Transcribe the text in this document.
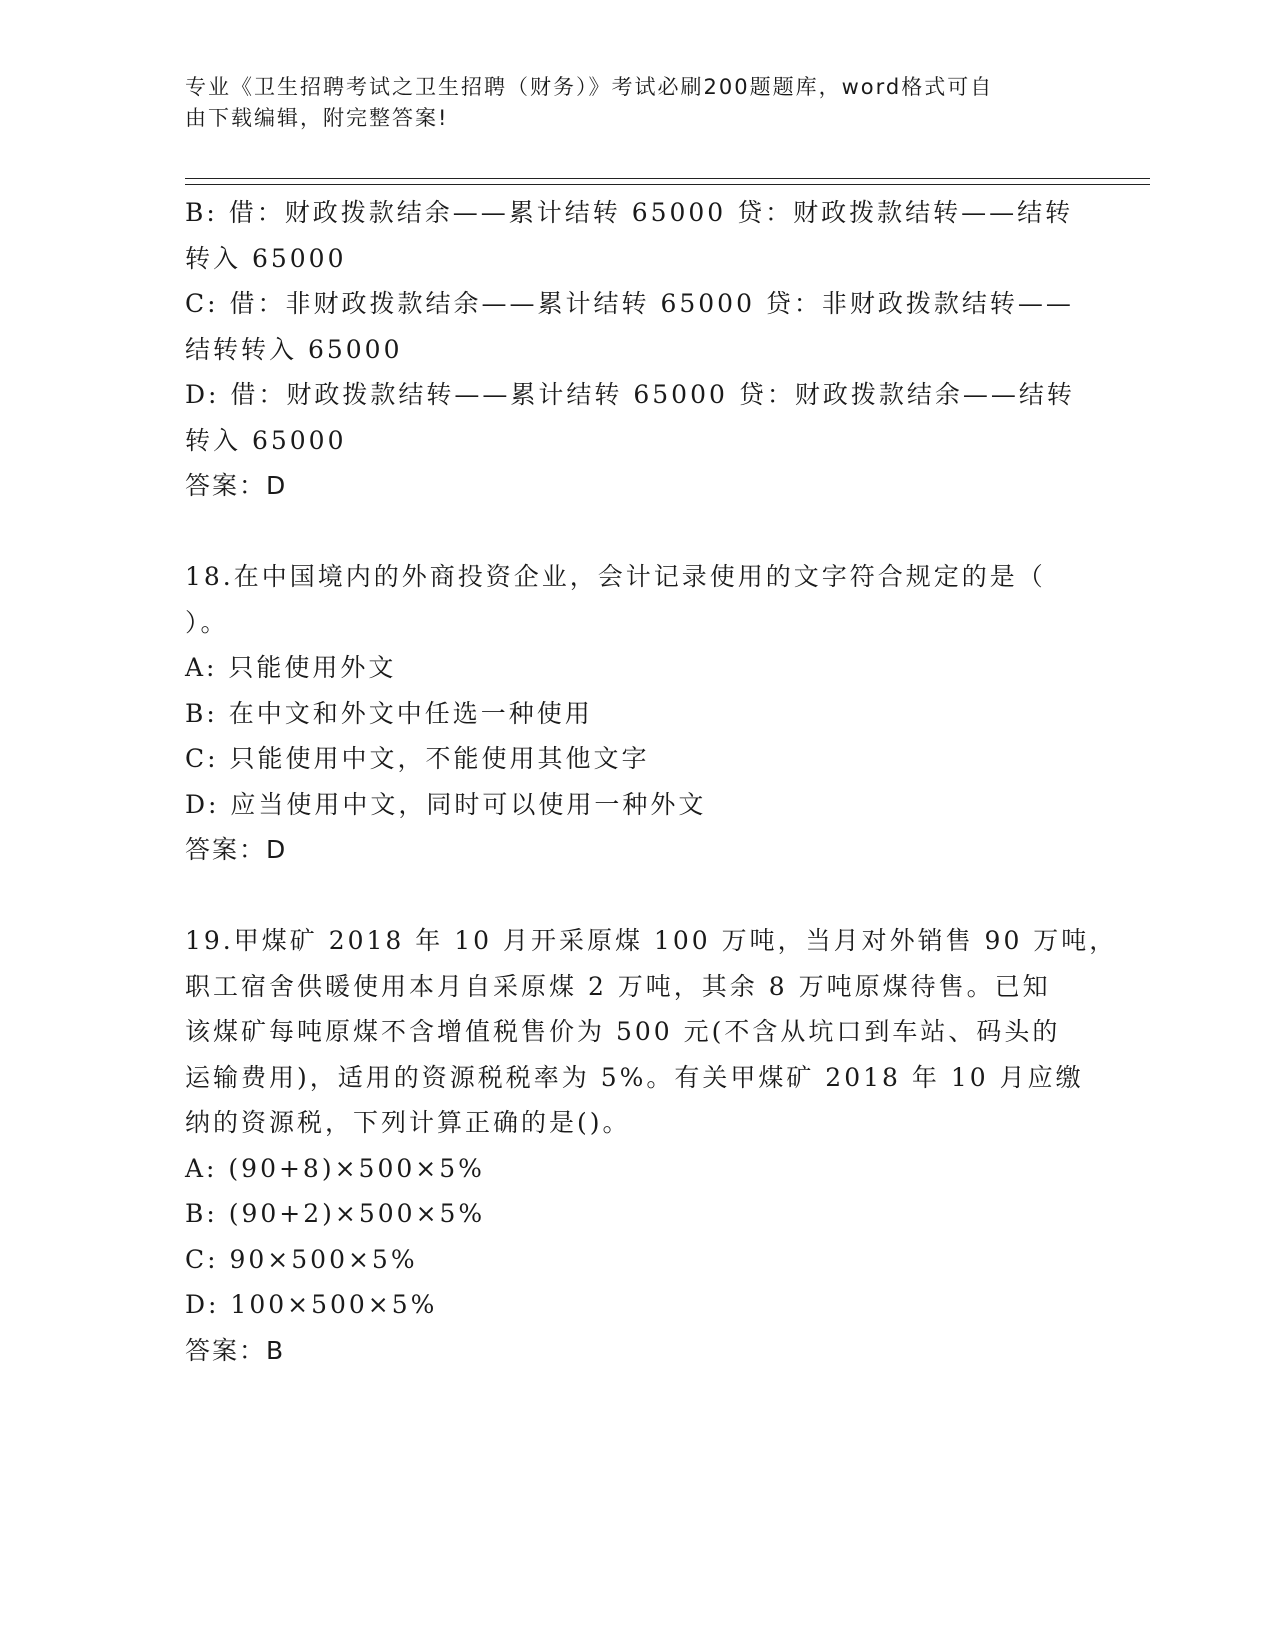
专业《卫生招聘考试之卫生招聘（财务）》考试必刷200题题库，word格式可自
由下载编辑，附完整答案!
B: 借：财政拨款结余——累计结转 65000 贷：财政拨款结转——结转
转入 65000
C: 借：非财政拨款结余——累计结转 65000 贷：非财政拨款结转——
结转转入 65000
D: 借：财政拨款结转——累计结转 65000 贷：财政拨款结余——结转
转入 65000
答案：D
18.在中国境内的外商投资企业，会计记录使用的文字符合规定的是（
）。
A: 只能使用外文
B: 在中文和外文中任选一种使用
C: 只能使用中文，不能使用其他文字
D: 应当使用中文，同时可以使用一种外文
答案：D
19.甲煤矿 2018 年 10 月开采原煤 100 万吨，当月对外销售 90 万吨，
职工宿舍供暖使用本月自采原煤 2 万吨，其余 8 万吨原煤待售。已知
该煤矿每吨原煤不含增值税售价为 500 元(不含从坑口到车站、码头的
运输费用)，适用的资源税税率为 5%。有关甲煤矿 2018 年 10 月应缴
纳的资源税，下列计算正确的是()。
A: (90+8)×500×5%
B: (90+2)×500×5%
C: 90×500×5%
D: 100×500×5%
答案：B
